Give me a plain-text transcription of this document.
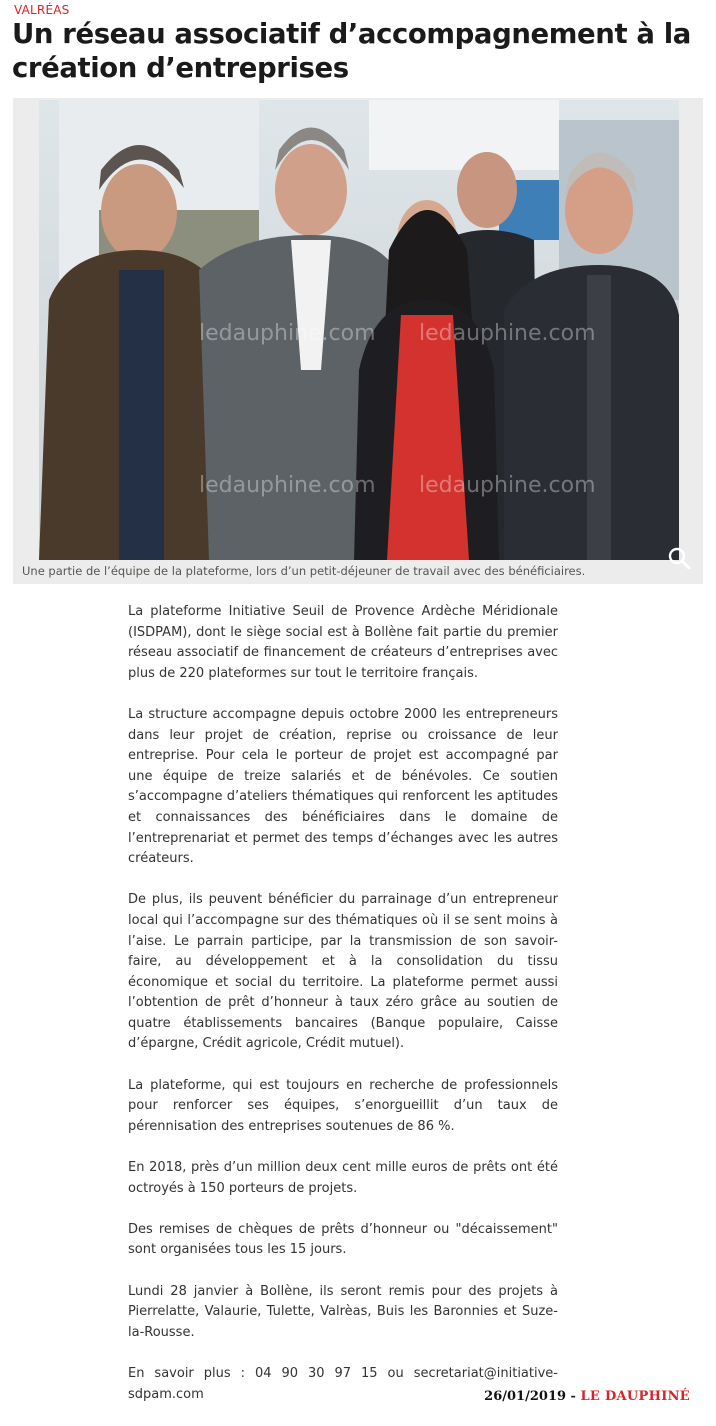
VALRÉAS
Un réseau associatif d’accompagnement à la création d’entreprises
ledauphine.com ledauphine.com
ledauphine.com ledauphine.com
Une partie de l’équipe de la plateforme, lors d’un petit-déjeuner de travail avec des bénéficiaires.

La plateforme Initiative Seuil de Provence Ardèche Méridionale (ISDPAM), dont le siège social est à Bollène fait partie du premier réseau associatif de financement de créateurs d’entreprises avec plus de 220 plateformes sur tout le territoire français.

La structure accompagne depuis octobre 2000 les entrepreneurs dans leur projet de création, reprise ou croissance de leur entreprise. Pour cela le porteur de projet est accompagné par une équipe de treize salariés et de bénévoles. Ce soutien s’accompagne d’ateliers thématiques qui renforcent les aptitudes et connaissances des bénéficiaires dans le domaine de l’entreprenariat et permet des temps d’échanges avec les autres créateurs.

De plus, ils peuvent bénéficier du parrainage d’un entrepreneur local qui l’accompagne sur des thématiques où il se sent moins à l’aise. Le parrain participe, par la transmission de son savoir-faire, au développement et à la consolidation du tissu économique et social du territoire. La plateforme permet aussi l’obtention de prêt d’honneur à taux zéro grâce au soutien de quatre établissements bancaires (Banque populaire, Caisse d’épargne, Crédit agricole, Crédit mutuel).

La plateforme, qui est toujours en recherche de professionnels pour renforcer ses équipes, s’enorgueillit d’un taux de pérennisation des entreprises soutenues de 86 %.

En 2018, près d’un million deux cent mille euros de prêts ont été octroyés à 150 porteurs de projets.

Des remises de chèques de prêts d’honneur ou "décaissement" sont organisées tous les 15 jours.

Lundi 28 janvier à Bollène, ils seront remis pour des projets à Pierrelatte, Valaurie, Tulette, Valrèas, Buis les Baronnies et Suze-la-Rousse.

En savoir plus : 04 90 30 97 15 ou secretariat@initiative-sdpam.com	26/01/2019 - LE DAUPHINÉ
